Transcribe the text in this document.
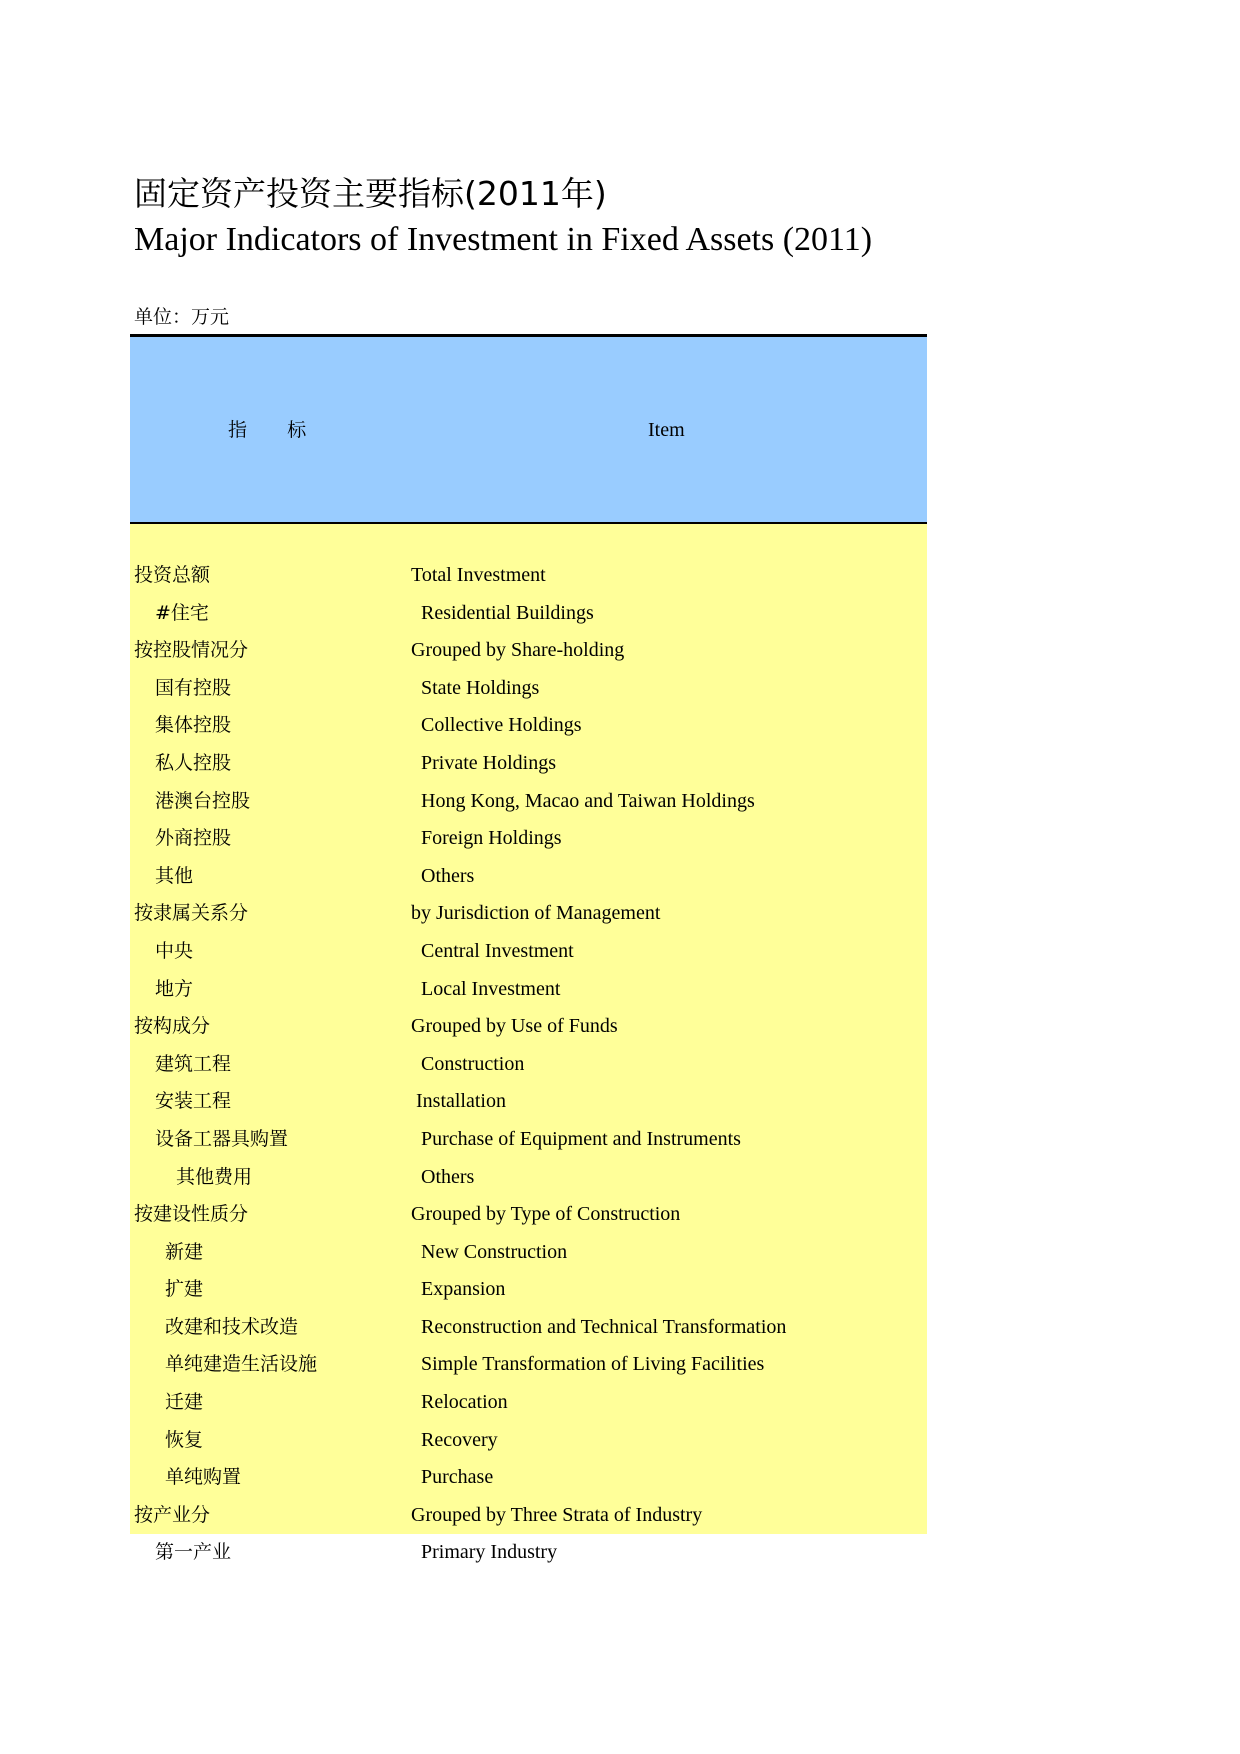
固定资产投资主要指标(2011年)
Major Indicators of Investment in Fixed Assets (2011)
单位：万元
指 标	Item
投资总额	Total Investment
#住宅	Residential Buildings
按控股情况分	Grouped by Share-holding
国有控股	State Holdings
集体控股	Collective Holdings
私人控股	Private Holdings
港澳台控股	Hong Kong, Macao and Taiwan Holdings
外商控股	Foreign Holdings
其他	Others
按隶属关系分	by Jurisdiction of Management
中央	Central Investment
地方	Local Investment
按构成分	Grouped by Use of Funds
建筑工程	Construction
安装工程	Installation
设备工器具购置	Purchase of Equipment and Instruments
其他费用	Others
按建设性质分	Grouped by Type of Construction
新建	New Construction
扩建	Expansion
改建和技术改造	Reconstruction and Technical Transformation
单纯建造生活设施	Simple Transformation of Living Facilities
迁建	Relocation
恢复	Recovery
单纯购置	Purchase
按产业分	Grouped by Three Strata of Industry
第一产业	Primary Industry
